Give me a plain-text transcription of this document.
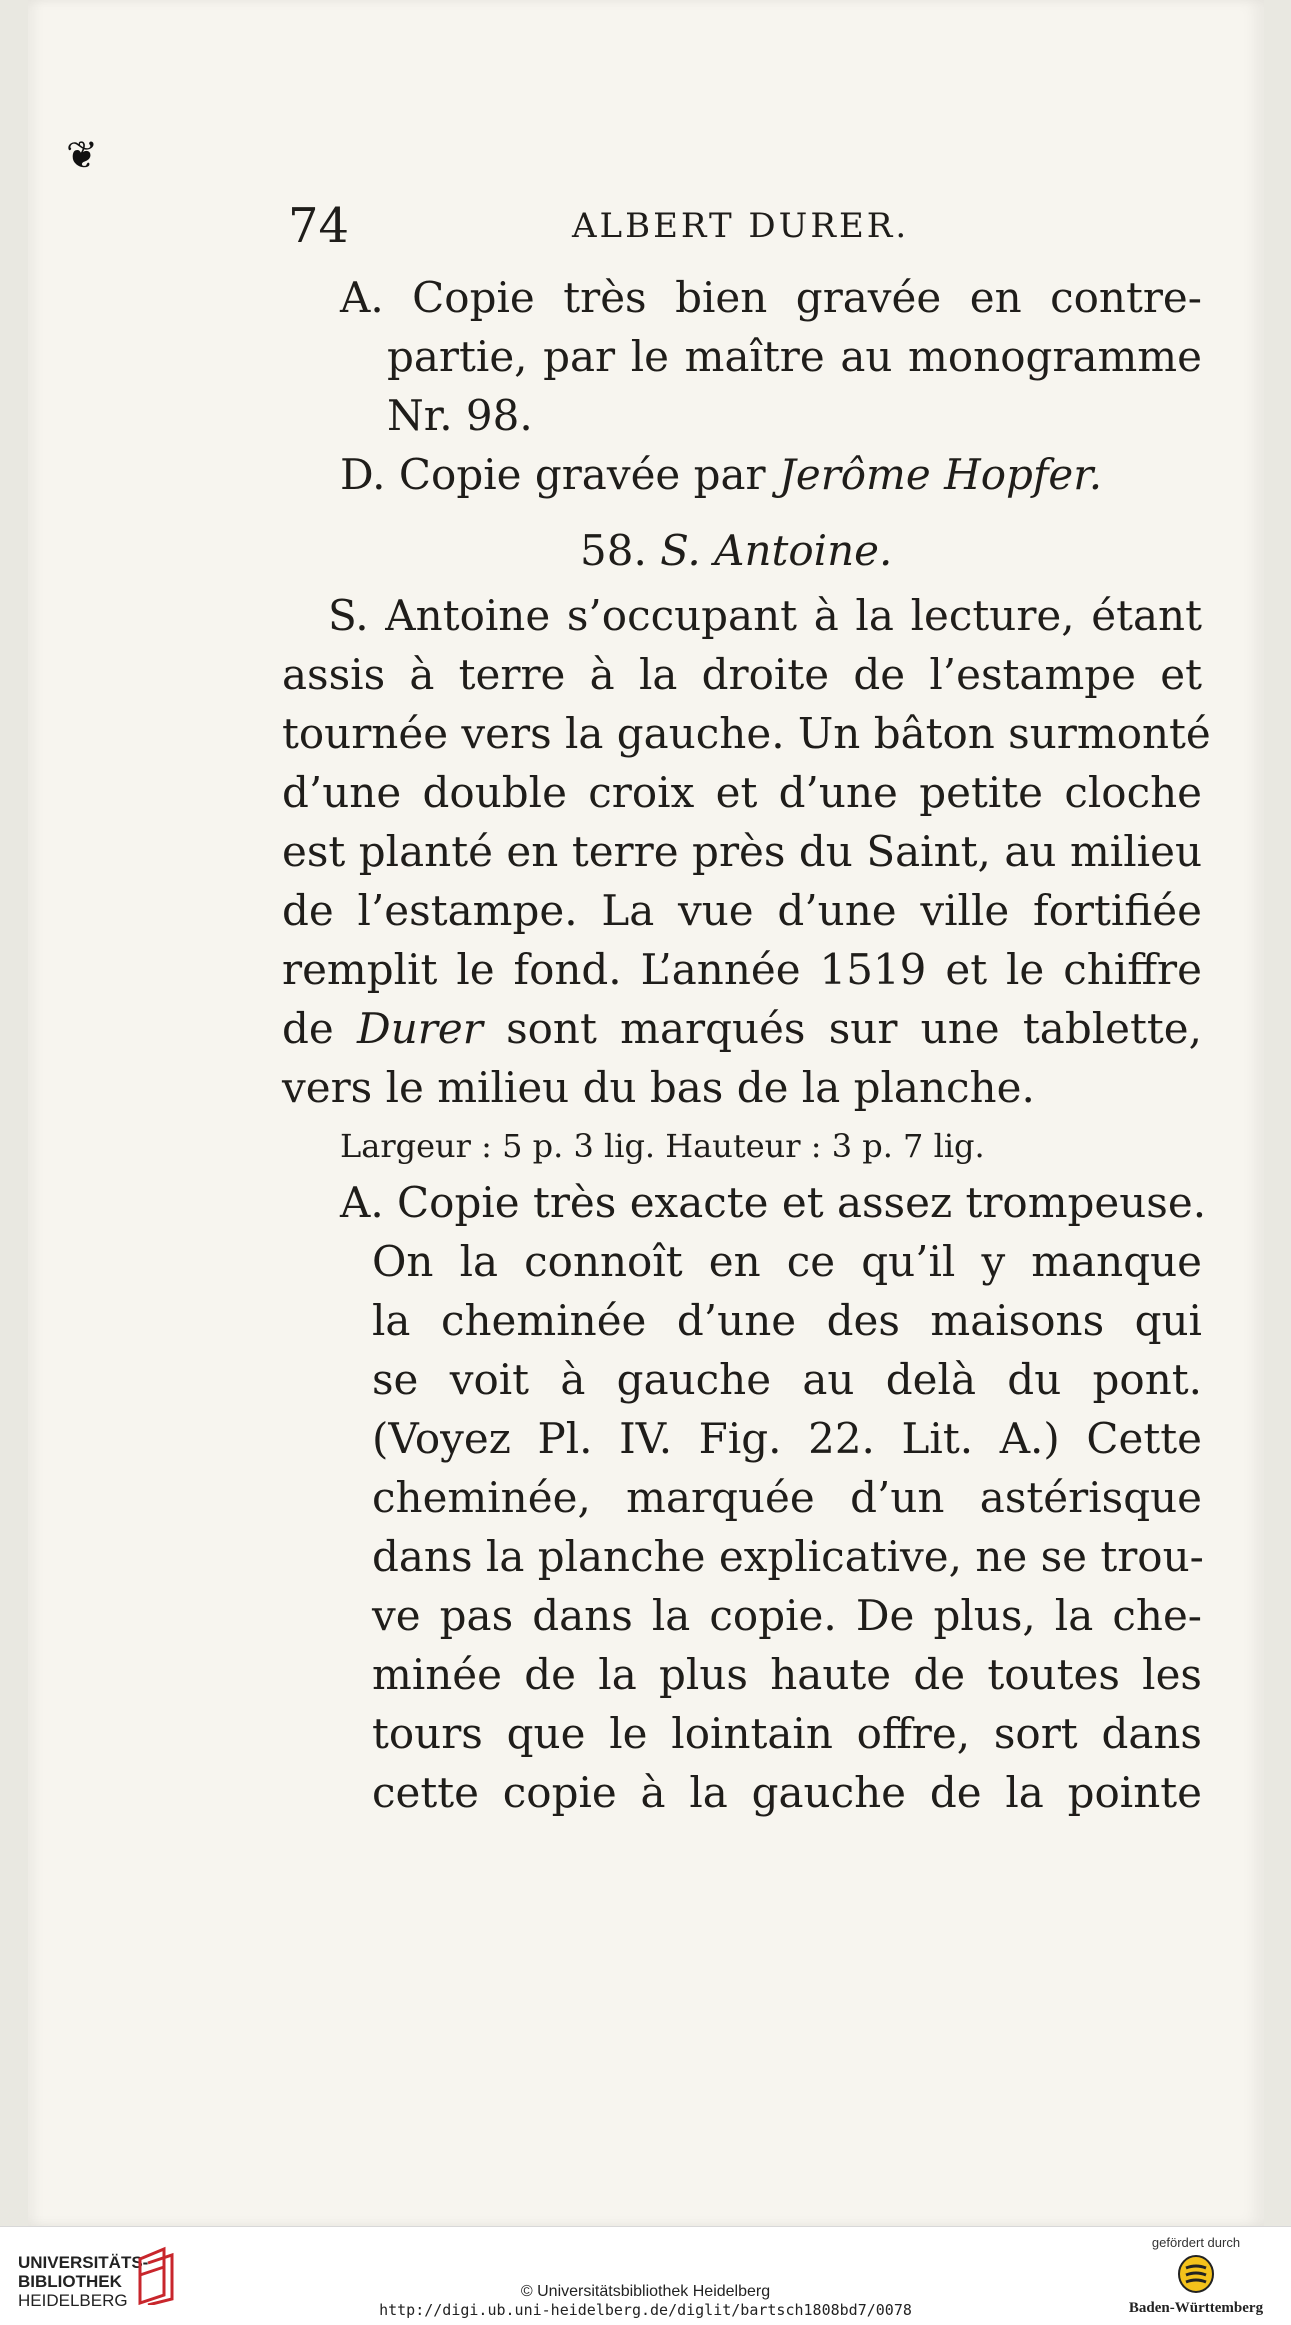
❦
74	ALBERT DURER.
A. Copie très bien gravée en contre-
partie, par le maître au monogramme
Nr. 98.
D. Copie gravée par Jerôme Hopfer.
58. S. Antoine.
S. Antoine s’occupant à la lecture, étant
assis à terre à la droite de l’estampe et
tournée vers la gauche. Un bâton surmonté
d’une double croix et d’une petite cloche
est planté en terre près du Saint, au milieu
de l’estampe. La vue d’une ville fortifiée
remplit le fond. L’année 1519 et le chiffre
de Durer sont marqués sur une tablette,
vers le milieu du bas de la planche.
Largeur : 5 p. 3 lig. Hauteur : 3 p. 7 lig.
A. Copie très exacte et assez trompeuse.
On la connoît en ce qu’il y manque
la cheminée d’une des maisons qui
se voit à gauche au delà du pont.
(Voyez Pl. IV. Fig. 22. Lit. A.) Cette
cheminée, marquée d’un astérisque
dans la planche explicative, ne se trou-
ve pas dans la copie. De plus, la che-
minée de la plus haute de toutes les
tours que le lointain offre, sort dans
cette copie à la gauche de la pointe
UNIVERSITÄTS-
BIBLIOTHEK
HEIDELBERG	© Universitätsbibliothek Heidelberg
http://digi.ub.uni-heidelberg.de/diglit/bartsch1808bd7/0078
gefördert durch
Baden-Württemberg
